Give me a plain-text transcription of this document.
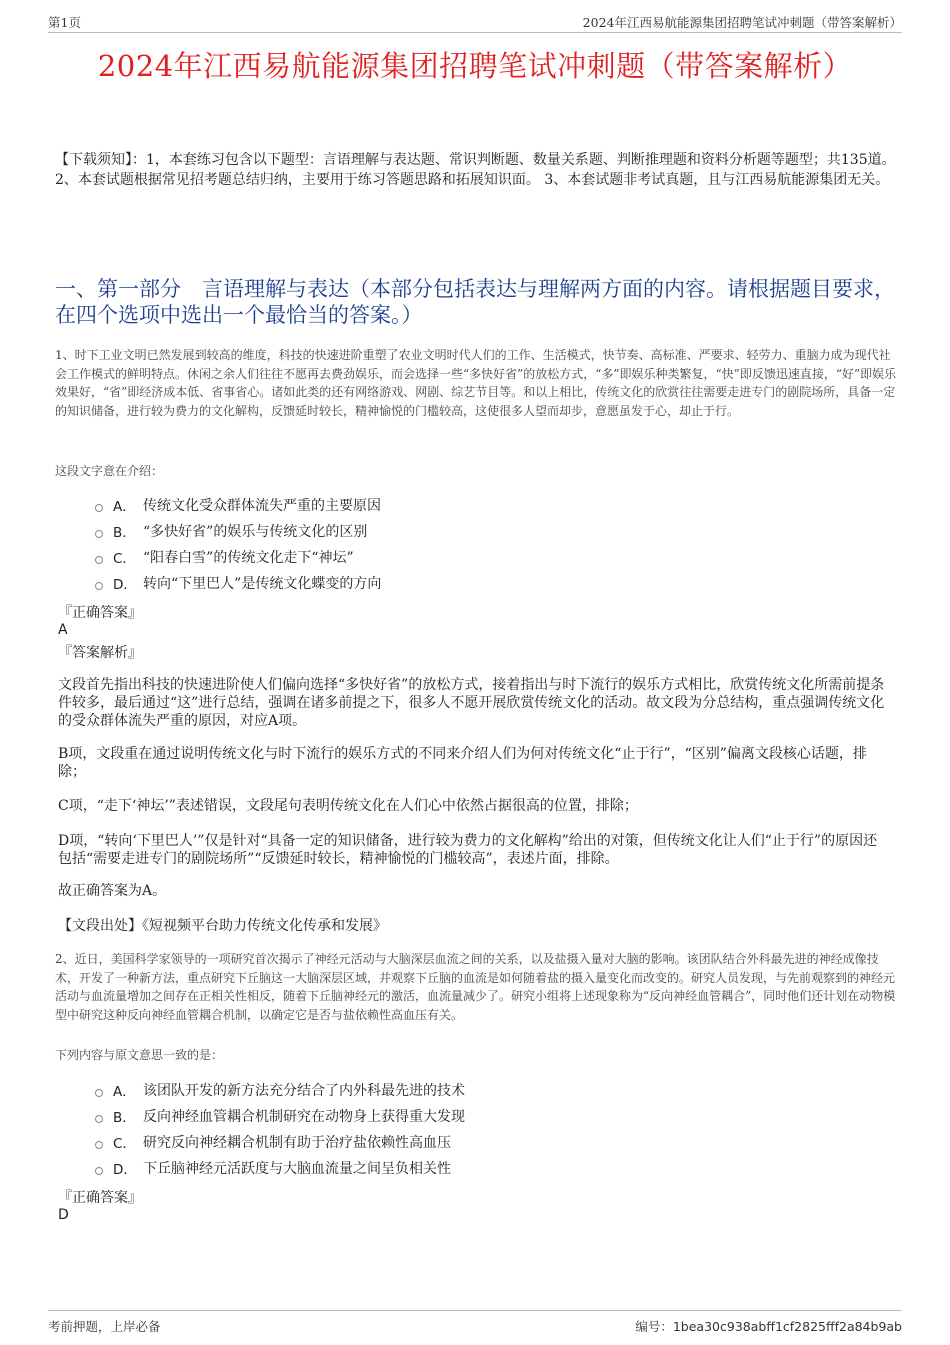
第1页	2024年江西易航能源集团招聘笔试冲刺题（带答案解析）
2024年江西易航能源集团招聘笔试冲刺题（带答案解析）
【下载须知】：1，本套练习包含以下题型：言语理解与表达题、常识判断题、数量关系题、判断推理题和资料分析题等题型；共135道。 2、本套试题根据常见招考题总结归纳，主要用于练习答题思路和拓展知识面。 3、本套试题非考试真题，且与江西易航能源集团无关。
一、第一部分　言语理解与表达（本部分包括表达与理解两方面的内容。请根据题目要求，在四个选项中选出一个最恰当的答案。）
1、时下工业文明已然发展到较高的维度，科技的快速进阶重塑了农业文明时代人们的工作、生活模式，快节奏、高标准、严要求、轻劳力、重脑力成为现代社会工作模式的鲜明特点。休闲之余人们往往不愿再去费劲娱乐，而会选择一些“多快好省”的放松方式，“多”即娱乐种类繁复，“快”即反馈迅速直接，“好”即娱乐效果好，“省”即经济成本低、省事省心。诸如此类的还有网络游戏、网剧、综艺节目等。和以上相比，传统文化的欣赏往往需要走进专门的剧院场所，具备一定的知识储备，进行较为费力的文化解构，反馈延时较长，精神愉悦的门槛较高，这使很多人望而却步，意愿虽发于心，却止于行。
这段文字意在介绍：
A． 传统文化受众群体流失严重的主要原因
B． “多快好省”的娱乐与传统文化的区别
C． “阳春白雪”的传统文化走下“神坛”
D． 转向“下里巴人”是传统文化蝶变的方向
『正确答案』
A
『答案解析』
文段首先指出科技的快速进阶使人们偏向选择“多快好省”的放松方式，接着指出与时下流行的娱乐方式相比，欣赏传统文化所需前提条件较多，最后通过“这”进行总结，强调在诸多前提之下，很多人不愿开展欣赏传统文化的活动。故文段为分总结构，重点强调传统文化的受众群体流失严重的原因，对应A项。
B项，文段重在通过说明传统文化与时下流行的娱乐方式的不同来介绍人们为何对传统文化“止于行”，“区别”偏离文段核心话题，排除；
C项，“走下‘神坛’”表述错误，文段尾句表明传统文化在人们心中依然占据很高的位置，排除；
D项，“转向‘下里巴人’”仅是针对“具备一定的知识储备，进行较为费力的文化解构”给出的对策，但传统文化让人们“止于行”的原因还包括“需要走进专门的剧院场所”“反馈延时较长，精神愉悦的门槛较高”，表述片面，排除。
故正确答案为A。
【文段出处】《短视频平台助力传统文化传承和发展》
2、近日，美国科学家领导的一项研究首次揭示了神经元活动与大脑深层血流之间的关系，以及盐摄入量对大脑的影响。该团队结合外科最先进的神经成像技术，开发了一种新方法，重点研究下丘脑这一大脑深层区域，并观察下丘脑的血流是如何随着盐的摄入量变化而改变的。研究人员发现，与先前观察到的神经元活动与血流量增加之间存在正相关性相反，随着下丘脑神经元的激活，血流量减少了。研究小组将上述现象称为“反向神经血管耦合”，同时他们还计划在动物模型中研究这种反向神经血管耦合机制，以确定它是否与盐依赖性高血压有关。
下列内容与原文意思一致的是：
A． 该团队开发的新方法充分结合了内外科最先进的技术
B． 反向神经血管耦合机制研究在动物身上获得重大发现
C． 研究反向神经耦合机制有助于治疗盐依赖性高血压
D． 下丘脑神经元活跃度与大脑血流量之间呈负相关性
『正确答案』
D
考前押题，上岸必备	编号：1bea30c938abff1cf2825fff2a84b9ab
